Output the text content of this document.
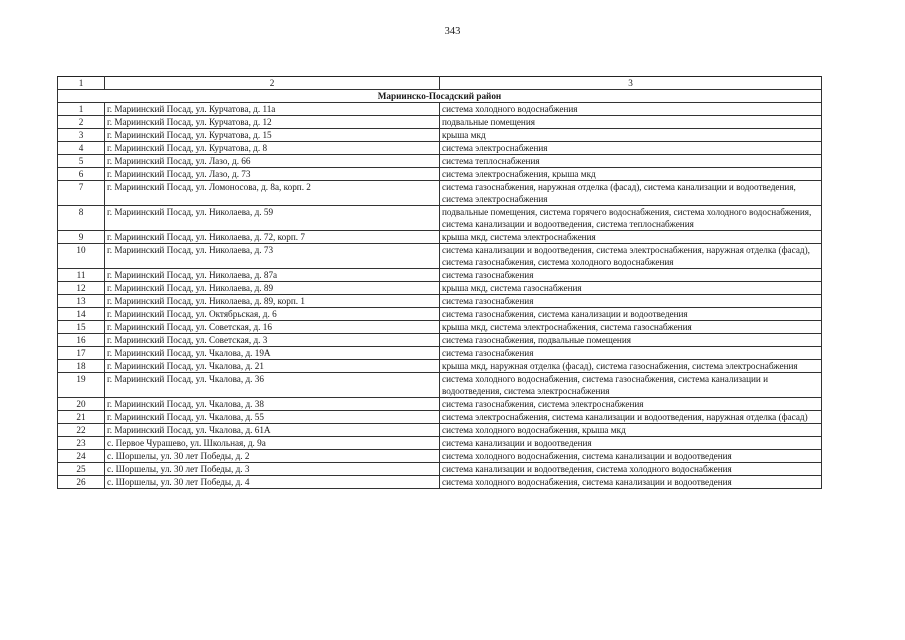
343
1	2	3
Мариинско-Посадский район		
1	г. Мариинский Посад, ул. Курчатова, д. 11а	система холодного водоснабжения
2	г. Мариинский Посад, ул. Курчатова, д. 12	подвальные помещения
3	г. Мариинский Посад, ул. Курчатова, д. 15	крыша мкд
4	г. Мариинский Посад, ул. Курчатова, д. 8	система электроснабжения
5	г. Мариинский Посад, ул. Лазо, д. 66	система теплоснабжения
6	г. Мариинский Посад, ул. Лазо, д. 73	система электроснабжения, крыша мкд
7	г. Мариинский Посад, ул. Ломоносова, д. 8а, корп. 2	система газоснабжения, наружная отделка (фасад), система канализации и водоотведения, система электроснабжения
8	г. Мариинский Посад, ул. Николаева, д. 59	подвальные помещения, система горячего водоснабжения, система холодного водоснабжения, система канализации и водоотведения, система теплоснабжения
9	г. Мариинский Посад, ул. Николаева, д. 72, корп. 7	крыша мкд, система электроснабжения
10	г. Мариинский Посад, ул. Николаева, д. 73	система канализации и водоотведения, система электроснабжения, наружная отделка (фасад), система газоснабжения, система холодного водоснабжения
11	г. Мариинский Посад, ул. Николаева, д. 87а	система газоснабжения
12	г. Мариинский Посад, ул. Николаева, д. 89	крыша мкд, система газоснабжения
13	г. Мариинский Посад, ул. Николаева, д. 89, корп. 1	система газоснабжения
14	г. Мариинский Посад, ул. Октябрьская, д. 6	система газоснабжения, система канализации и водоотведения
15	г. Мариинский Посад, ул. Советская, д. 16	крыша мкд, система электроснабжения, система газоснабжения
16	г. Мариинский Посад, ул. Советская, д. 3	система газоснабжения, подвальные помещения
17	г. Мариинский Посад, ул. Чкалова, д. 19А	система газоснабжения
18	г. Мариинский Посад, ул. Чкалова, д. 21	крыша мкд, наружная отделка (фасад), система газоснабжения, система электроснабжения
19	г. Мариинский Посад, ул. Чкалова, д. 36	система холодного водоснабжения, система газоснабжения, система канализации и водоотведения, система электроснабжения
20	г. Мариинский Посад, ул. Чкалова, д. 38	система газоснабжения, система электроснабжения
21	г. Мариинский Посад, ул. Чкалова, д. 55	система электроснабжения, система канализации и водоотведения, наружная отделка (фасад)
22	г. Мариинский Посад, ул. Чкалова, д. 61А	система холодного водоснабжения, крыша мкд
23	с. Первое Чурашево, ул. Школьная, д. 9а	система канализации и водоотведения
24	с. Шоршелы, ул. 30 лет Победы, д. 2	система холодного водоснабжения, система канализации и водоотведения
25	с. Шоршелы, ул. 30 лет Победы, д. 3	система канализации и водоотведения, система холодного водоснабжения
26	с. Шоршелы, ул. 30 лет Победы, д. 4	система холодного водоснабжения, система канализации и водоотведения
